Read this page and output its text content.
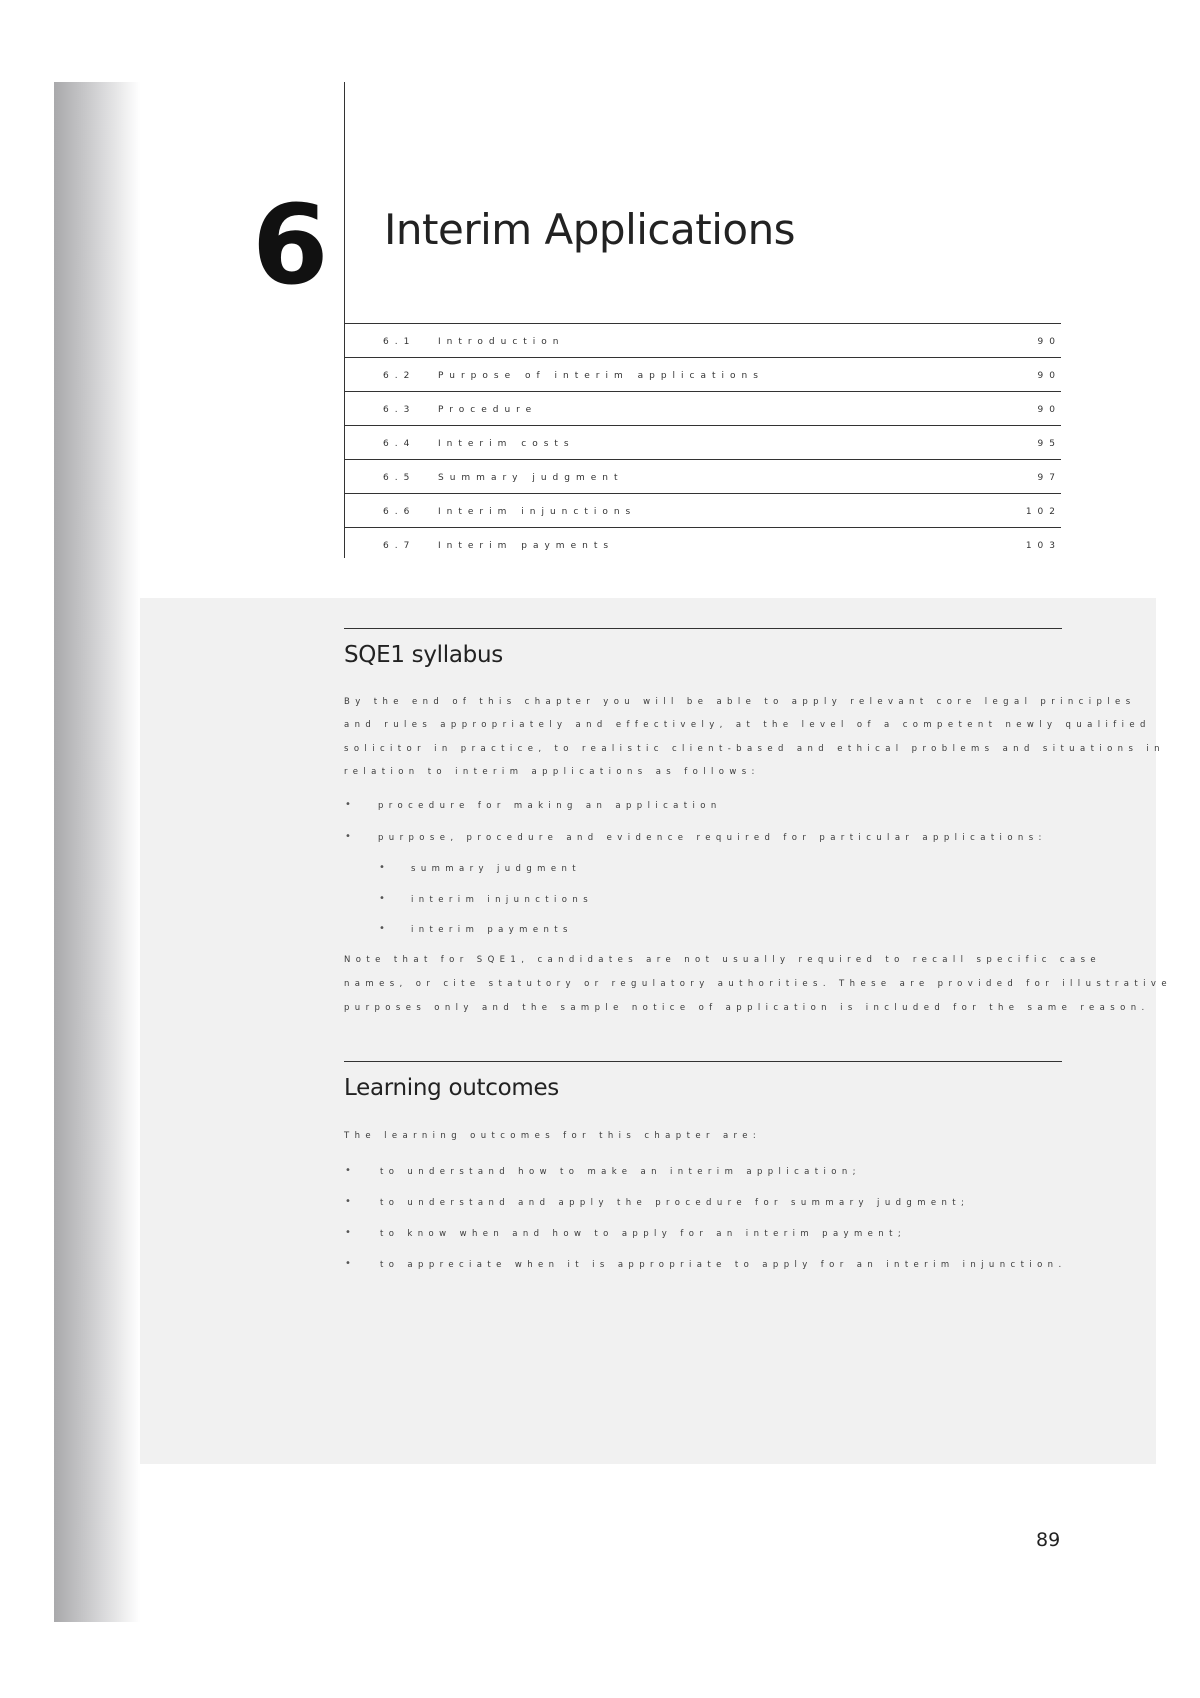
6 Interim Applications
6.1	Introduction	90
6.2	Purpose of interim applications	90
6.3	Procedure	90
6.4	Interim costs	95
6.5	Summary judgment	97
6.6	Interim injunctions	102
6.7	Interim payments	103
SQE1 syllabus
By the end of this chapter you will be able to apply relevant core legal principles
and rules appropriately and effectively, at the level of a competent newly qualified
solicitor in practice, to realistic client-based and ethical problems and situations in
relation to interim applications as follows:
•	procedure for making an application
•	purpose, procedure and evidence required for particular applications:
•	summary judgment
•	interim injunctions
•	interim payments
Note that for SQE1, candidates are not usually required to recall specific case
names, or cite statutory or regulatory authorities. These are provided for illustrative
purposes only and the sample notice of application is included for the same reason.
Learning outcomes
The learning outcomes for this chapter are:
•	to understand how to make an interim application;
•	to understand and apply the procedure for summary judgment;
•	to know when and how to apply for an interim payment;
•	to appreciate when it is appropriate to apply for an interim injunction.
89
